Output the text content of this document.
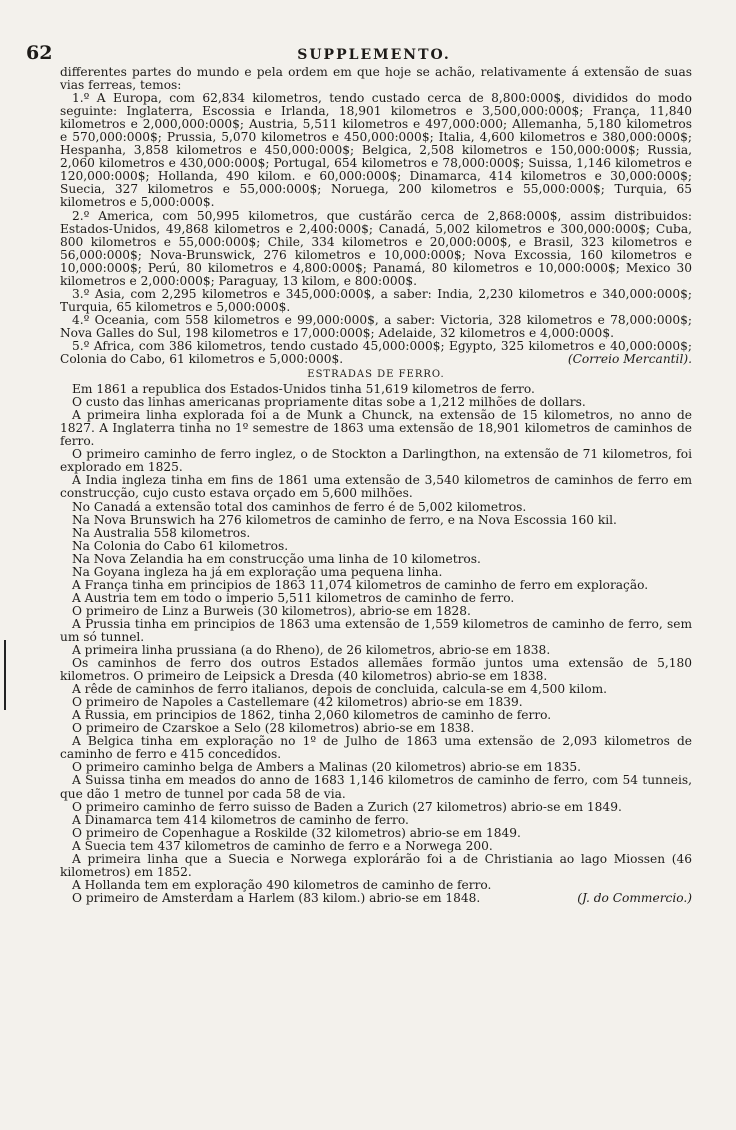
62	SUPPLEMENTO.

differentes partes do mundo e pela ordem em que hoje se achão, relativamente á extensão de suas vias ferreas, temos:

1.º A Europa, com 62,834 kilometros, tendo custado cerca de 8,800:000$, divididos do modo seguinte: Inglaterra, Escossia e Irlanda, 18,901 kilometros e 3,500,000:000$; França, 11,840 kilometros e 2,000,000:000$; Austria, 5,511 kilometros e 497,000:000; Allemanha, 5,180 kilometros e 570,000:000$; Prussia, 5,070 kilometros e 450,000:000$; Italia, 4,600 kilometros e 380,000:000$; Hespanha, 3,858 kilometros e 450,000:000$; Belgica, 2,508 kilometros e 150,000:000$; Russia, 2,060 kilometros e 430,000:000$; Portugal, 654 kilometros e 78,000:000$; Suissa, 1,146 kilometros e 120,000:000$; Hollanda, 490 kilom. e 60,000:000$; Dinamarca, 414 kilometros e 30,000:000$; Suecia, 327 kilometros e 55,000:000$; Noruega, 200 kilometros e 55,000:000$; Turquia, 65 kilometros e 5,000:000$.

2.º America, com 50,995 kilometros, que custárão cerca de 2,868:000$, assim distribuidos: Estados-Unidos, 49,868 kilometros e 2,400:000$; Canadá, 5,002 kilometros e 300,000:000$; Cuba, 800 kilometros e 55,000:000$; Chile, 334 kilometros e 20,000:000$, e Brasil, 323 kilometros e 56,000:000$; Nova-Brunswick, 276 kilometros e 10,000:000$; Nova Excossia, 160 kilometros e 10,000:000$; Perú, 80 kilometros e 4,800:000$; Panamá, 80 kilometros e 10,000:000$; Mexico 30 kilometros e 2,000:000$; Paraguay, 13 kilom, e 800:000$.

3.º Asia, com 2,295 kilometros e 345,000:000$, a saber: India, 2,230 kilometros e 340,000:000$; Turquia, 65 kilometros e 5,000:000$.

4.º Oceania, com 558 kilometros e 99,000:000$, a saber: Victoria, 328 kilometros e 78,000:000$; Nova Galles do Sul, 198 kilometros e 17,000:000$; Adelaide, 32 kilometros e 4,000:000$.

5.º Africa, com 386 kilometros, tendo custado 45,000:000$; Egypto, 325 kilometros e 40,000:000$; Colonia do Cabo, 61 kilometros e 5,000:000$.	(Correio Mercantil).

ESTRADAS DE FERRO.

Em 1861 a republica dos Estados-Unidos tinha 51,619 kilometros de ferro.

O custo das linhas americanas propriamente ditas sobe a 1,212 milhões de dollars.

A primeira linha explorada foi a de Munk a Chunck, na extensão de 15 kilometros, no anno de 1827. A Inglaterra tinha no 1º semestre de 1863 uma extensão de 18,901 kilometros de caminhos de ferro.

O primeiro caminho de ferro inglez, o de Stockton a Darlingthon, na extensão de 71 kilometros, foi explorado em 1825.

A India ingleza tinha em fins de 1861 uma extensão de 3,540 kilometros de caminhos de ferro em construcção, cujo custo estava orçado em 5,600 milhões.

No Canadá a extensão total dos caminhos de ferro é de 5,002 kilometros.

Na Nova Brunswich ha 276 kilometros de caminho de ferro, e na Nova Escossia 160 kil.

Na Australia 558 kilometros.

Na Colonia do Cabo 61 kilometros.

Na Nova Zelandia ha em construcção uma linha de 10 kilometros.

Na Goyana ingleza ha já em exploração uma pequena linha.

A França tinha em principios de 1863 11,074 kilometros de caminho de ferro em exploração.

A Austria tem em todo o imperio 5,511 kilometros de caminho de ferro.

O primeiro de Linz a Burweis (30 kilometros), abrio-se em 1828.

A Prussia tinha em principios de 1863 uma extensão de 1,559 kilometros de caminho de ferro, sem um só tunnel.

A primeira linha prussiana (a do Rheno), de 26 kilometros, abrio-se em 1838.

Os caminhos de ferro dos outros Estados allemães formão juntos uma extensão de 5,180 kilometros. O primeiro de Leipsick a Dresda (40 kilometros) abrio-se em 1838.

A rêde de caminhos de ferro italianos, depois de concluida, calcula-se em 4,500 kilom.

O primeiro de Napoles a Castellemare (42 kilometros) abrio-se em 1839.

A Russia, em principios de 1862, tinha 2,060 kilometros de caminho de ferro.

O primeiro de Czarskoe a Selo (28 kilometros) abrio-se em 1838.

A Belgica tinha em exploração no 1º de Julho de 1863 uma extensão de 2,093 kilometros de caminho de ferro e 415 concedidos.

O primeiro caminho belga de Ambers a Malinas (20 kilometros) abrio-se em 1835.

A Suissa tinha em meados do anno de 1683 1,146 kilometros de caminho de ferro, com 54 tunneis, que dão 1 metro de tunnel por cada 58 de via.

O primeiro caminho de ferro suisso de Baden a Zurich (27 kilometros) abrio-se em 1849.

A Dinamarca tem 414 kilometros de caminho de ferro.

O primeiro de Copenhague a Roskilde (32 kilometros) abrio-se em 1849.

A Suecia tem 437 kilometros de caminho de ferro e a Norwega 200.

A primeira linha que a Suecia e Norwega explorárão foi a de Christiania ao lago Miossen (46 kilometros) em 1852.

A Hollanda tem em exploração 490 kilometros de caminho de ferro.

O primeiro de Amsterdam a Harlem (83 kilom.) abrio-se em 1848.	(J. do Commercio.)
